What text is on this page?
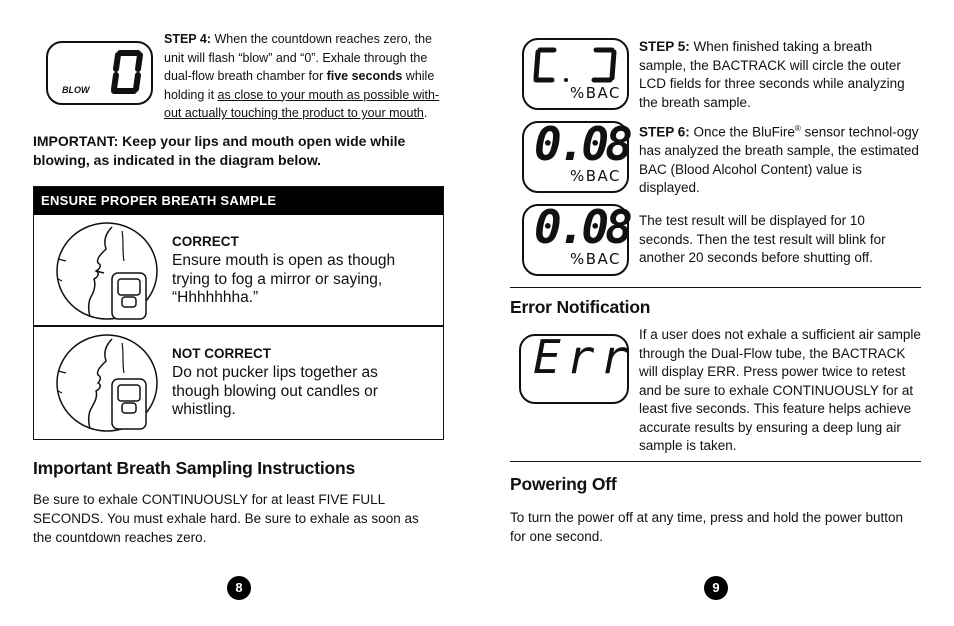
BLOW
STEP 4: When the countdown reaches zero, the unit will flash “blow” and “0”. Exhale through the dual-flow breath chamber for five seconds while holding it as close to your mouth as possible with-out actually touching the product to your mouth.
IMPORTANT: Keep your lips and mouth open wide while blowing, as indicated in the diagram below.
ENSURE PROPER BREATH SAMPLE
CORRECT
Ensure mouth is open as though trying to fog a mirror or saying, “Hhhhhhha.”
NOT CORRECT
Do not pucker lips together as though blowing out candles or whistling.
Important Breath Sampling Instructions
Be sure to exhale CONTINUOUSLY for at least FIVE FULL SECONDS. You must exhale hard. Be sure to exhale as soon as the countdown reaches zero.
8
%BAC
STEP 5: When finished taking a breath sample, the BACTRACK will circle the outer LCD fields for three seconds while analyzing the breath sample.
0.08
%BAC
STEP 6: Once the BluFire® sensor technol-ogy has analyzed the breath sample, the estimated BAC (Blood Alcohol Content) value is displayed.
0.08
%BAC
The test result will be displayed for 10 seconds. Then the test result will blink for another 20 seconds before shutting off.
Error Notification
Err If a user does not exhale a sufficient air sample through the Dual-Flow tube, the BACTRACK will display ERR. Press power twice to retest and be sure to exhale CONTINUOUSLY for at least five seconds. This feature helps achieve accurate results by ensuring a deep lung air sample is taken.
Powering Off
To turn the power off at any time, press and hold the power button for one second.
9
